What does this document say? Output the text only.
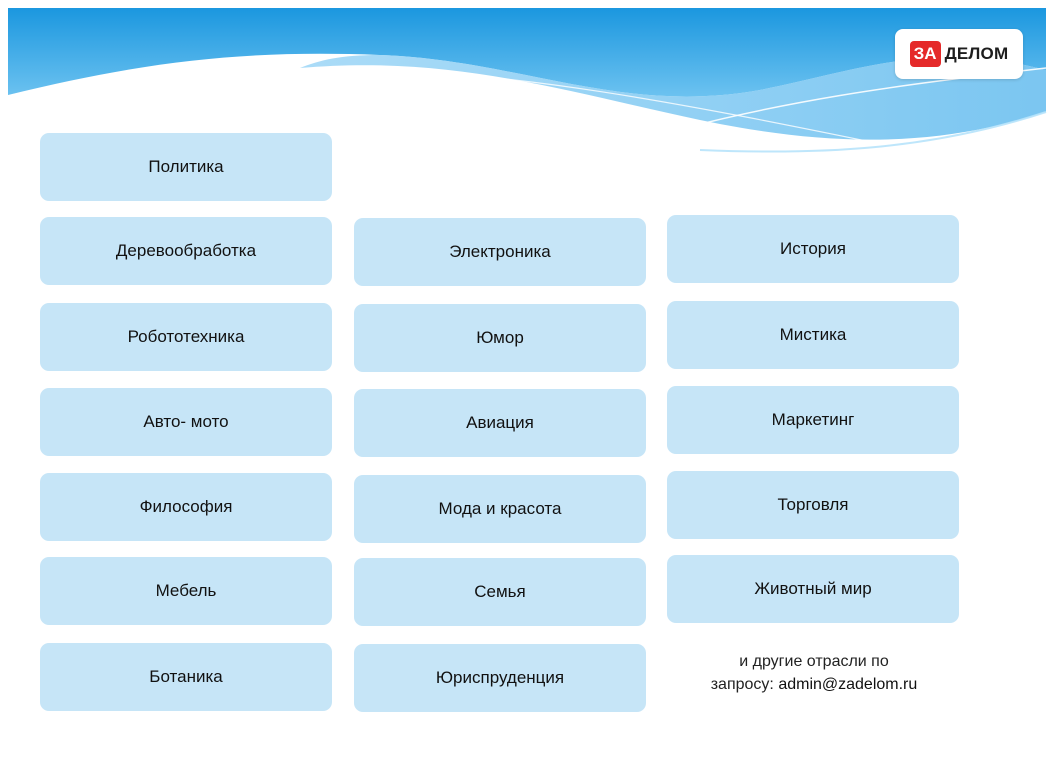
ЗА ДЕЛОМ
Политика
Деревообработка
Робототехника
Авто- мото
Философия
Мебель
Ботаника
Электроника
Юмор
Авиация
Мода и красота
Семья
Юриспруденция
История
Мистика
Маркетинг
Торговля
Животный мир
и другие отрасли по
запросу: admin@zadelom.ru
